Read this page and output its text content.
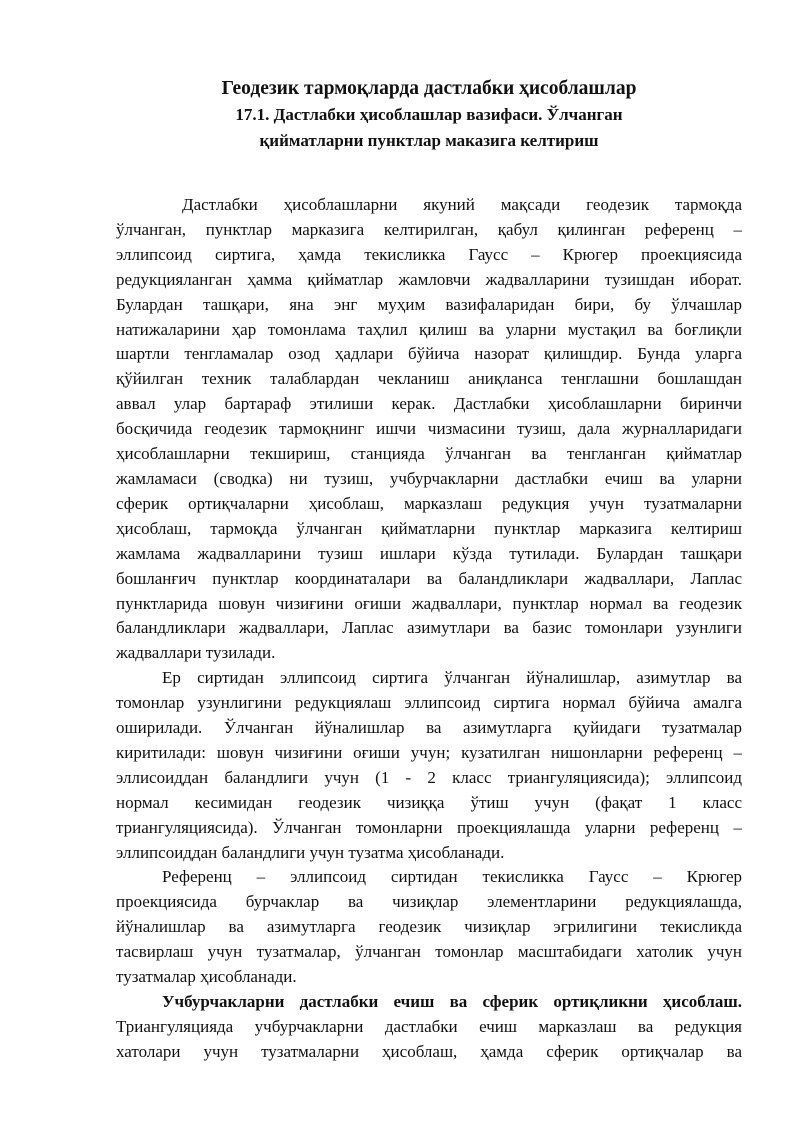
Геодезик тармоқларда дастлабки ҳисоблашлар
17.1. Дастлабки ҳисоблашлар вазифаси. Ўлчанган
қийматларни пунктлар маказига келтириш

Дастлабки ҳисоблашларни якуний мақсади геодезик тармоқда
ўлчанган, пунктлар марказига келтирилган, қабул қилинган референц –
эллипсоид сиртига, ҳамда текисликка Гаусс – Крюгер проекциясида
редукцияланган ҳамма қийматлар жамловчи жадвалларини тузишдан иборат.
Булардан ташқари, яна энг муҳим вазифаларидан бири, бу ўлчашлар
натижаларини ҳар томонлама таҳлил қилиш ва уларни мустақил ва боғлиқли
шартли тенгламалар озод ҳадлари бўйича назорат қилишдир. Бунда уларга
қўйилган техник талаблардан чекланиш аниқланса тенглашни бошлашдан
аввал улар бартараф этилиши керак. Дастлабки ҳисоблашларни биринчи
босқичида геодезик тармоқнинг ишчи чизмасини тузиш, дала журналларидаги
ҳисоблашларни текшириш, станцияда ўлчанган ва тенгланган қийматлар
жамламаси (сводка) ни тузиш, учбурчакларни дастлабки ечиш ва уларни
сферик ортиқчаларни ҳисоблаш, марказлаш редукция учун тузатмаларни
ҳисоблаш, тармоқда ўлчанган қийматларни пунктлар марказига келтириш
жамлама жадвалларини тузиш ишлари кўзда тутилади. Булардан ташқари
бошланғич пунктлар координаталари ва баландликлари жадваллари, Лаплас
пунктларида шовун чизиғини оғиши жадваллари, пунктлар нормал ва геодезик
баландликлари жадваллари, Лаплас азимутлари ва базис томонлари узунлиги
жадваллари тузилади.

Ер сиртидан эллипсоид сиртига ўлчанган йўналишлар, азимутлар ва
томонлар узунлигини редукциялаш эллипсоид сиртига нормал бўйича амалга
оширилади. Ўлчанган йўналишлар ва азимутларга қуйидаги тузатмалар
киритилади: шовун чизиғини оғиши учун; кузатилган нишонларни референц –
эллисоиддан баландлиги учун (1 - 2 класс триангуляциясида); эллипсоид
нормал кесимидан геодезик чизиққа ўтиш учун (фақат 1 класс
триангуляциясида). Ўлчанган томонларни проекциялашда уларни референц –
эллипсоиддан баландлиги учун тузатма ҳисобланади.

Референц – эллипсоид сиртидан текисликка Гаусс – Крюгер
проекциясида бурчаклар ва чизиқлар элементларини редукциялашда,
йўналишлар ва азимутларга геодезик чизиқлар эгрилигини текисликда
тасвирлаш учун тузатмалар, ўлчанган томонлар масштабидаги хатолик учун
тузатмалар ҳисобланади.

Учбурчакларни дастлабки ечиш ва сферик ортиқликни ҳисоблаш.
Триангуляцияда учбурчакларни дастлабки ечиш марказлаш ва редукция
хатолари учун тузатмаларни ҳисоблаш, ҳамда сферик ортиқчалар ва
